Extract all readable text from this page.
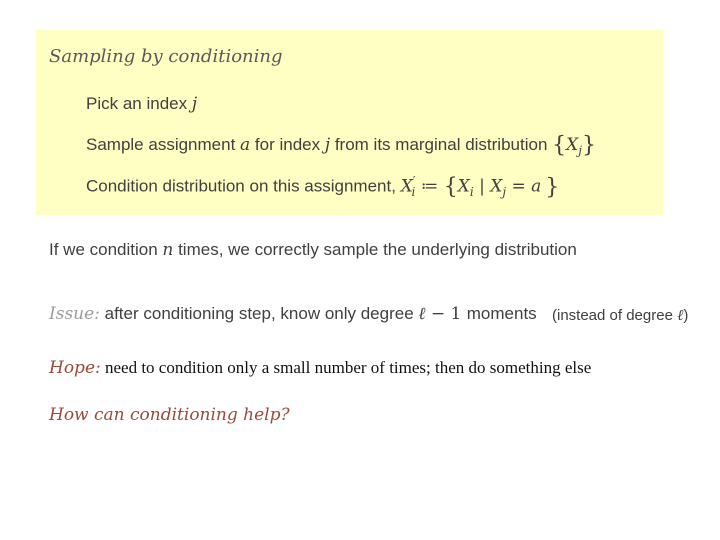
Sampling by conditioning
Pick an index j
Sample assignment a for index j from its marginal distribution $\{X_j\}$
Condition distribution on this assignment, $X'_i$ ≔ {$X_i$ | $X_j = a$ }
If we condition n times, we correctly sample the underlying distribution
Issue: after conditioning step, know only degree ℓ − 1 moments (instead of degree ℓ)
Hope: need to condition only a small number of times; then do something else
How can conditioning help?
